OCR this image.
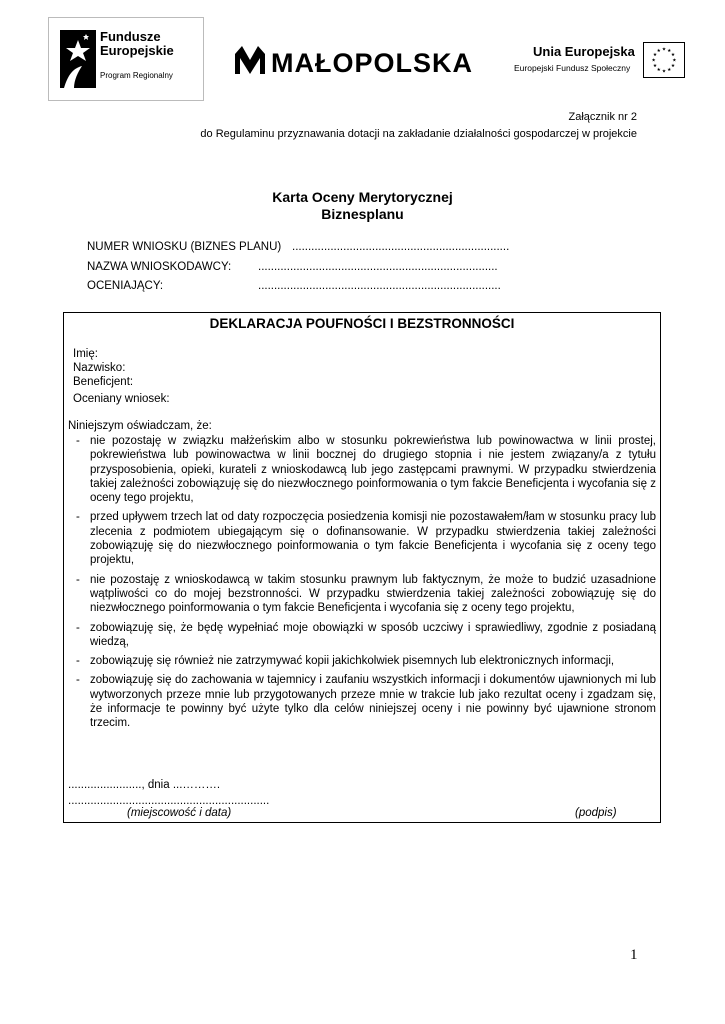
Fundusze
Europejskie
Program Regionalny	MAŁOPOLSKA	Unia Europejska
Europejski Fundusz Społeczny
★ ★
★
★
★
★
★
★
★
★
★
★
Załącznik nr 2
do Regulaminu przyznawania dotacji na zakładanie działalności gospodarczej w projekcie
Karta Oceny Merytorycznej
Biznesplanu
NUMER WNIOSKU (BIZNES PLANU) ....................................................................
NAZWA WNIOSKODAWCY: ...........................................................................
OCENIAJĄCY:	............................................................................
DEKLARACJA POUFNOŚCI I BEZSTRONNOŚCI
Imię:
Nazwisko:
Beneficjent:
Oceniany wniosek:
Niniejszym oświadczam, że:
- nie pozostaję w związku małżeńskim albo w stosunku pokrewieństwa lub powinowactwa w linii prostej, pokrewieństwa lub powinowactwa w linii bocznej do drugiego stopnia i nie jestem związany/a z tytułu przysposobienia, opieki, kurateli z wnioskodawcą lub jego zastępcami prawnymi. W przypadku stwierdzenia takiej zależności zobowiązuję się do niezwłocznego poinformowania o tym fakcie Beneficjenta i wycofania się z oceny tego projektu,
- przed upływem trzech lat od daty rozpoczęcia posiedzenia komisji nie pozostawałem/łam w stosunku pracy lub zlecenia z podmiotem ubiegającym się o dofinansowanie. W przypadku stwierdzenia takiej zależności zobowiązuję się do niezwłocznego poinformowania o tym fakcie Beneficjenta i wycofania się z oceny tego projektu,
- nie pozostaję z wnioskodawcą w takim stosunku prawnym lub faktycznym, że może to budzić uzasadnione wątpliwości co do mojej bezstronności. W przypadku stwierdzenia takiej zależności zobowiązuję się do niezwłocznego poinformowania o tym fakcie Beneficjenta i wycofania się z oceny tego projektu,
- zobowiązuję się, że będę wypełniać moje obowiązki w sposób uczciwy i sprawiedliwy, zgodnie z posiadaną wiedzą,
- zobowiązuję się również nie zatrzymywać kopii jakichkolwiek pisemnych lub elektronicznych informacji,
- zobowiązuję się do zachowania w tajemnicy i zaufaniu wszystkich informacji i dokumentów ujawnionych mi lub wytworzonych przeze mnie lub przygotowanych przeze mnie w trakcie lub jako rezultat oceny i zgadzam się, że informacje te powinny być użyte tylko dla celów niniejszej oceny i nie powinny być ujawnione stronom trzecim.
......................., dnia ...……….
...............................................................
(miejscowość i data)	(podpis)
1
